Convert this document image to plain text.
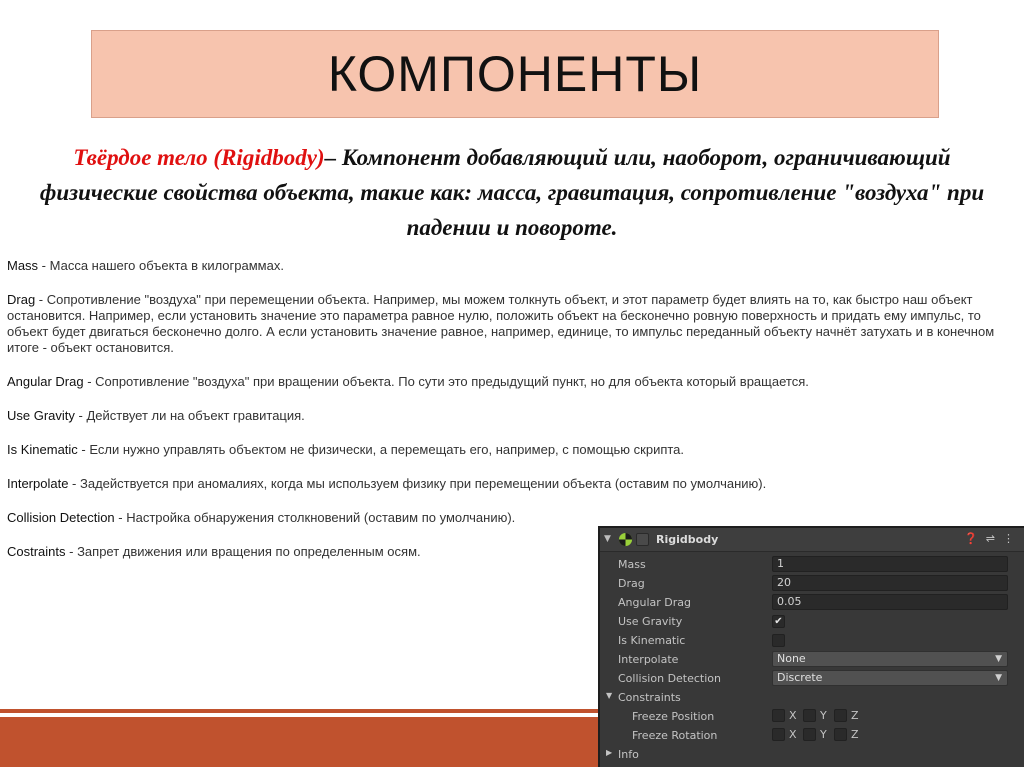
КОМПОНЕНТЫ
Твёрдое тело (Rigidbody)– Компонент добавляющий или, наоборот, ограничивающий физические свойства объекта, такие как: масса, гравитация, сопротивление "воздуха" при падении и повороте.
Mass - Масса нашего объекта в килограммах.
Drag - Сопротивление "воздуха" при перемещении объекта. Например, мы можем толкнуть объект, и этот параметр будет влиять на то, как быстро наш объект остановится. Например, если установить значение это параметра равное нулю, положить объект на бесконечно ровную поверхность и придать ему импульс, то объект будет двигаться бесконечно долго. А если установить значение равное, например, единице, то импульс переданный объекту начнёт затухать и в конечном итоге - объект остановится.
Angular Drag - Сопротивление "воздуха" при вращении объекта. По сути это предыдущий пункт, но для объекта который вращается.
Use Gravity - Действует ли на объект гравитация.
Is Kinematic - Если нужно управлять объектом не физически, а перемещать его, например, с помощью скрипта.
Interpolate - Задействуется при аномалиях, когда мы используем физику при перемещении объекта (оставим по умолчанию).
Collision Detection - Настройка обнаружения столкновений (оставим по умолчанию).
Costraints - Запрет движения или вращения по определенным осям.
▼	Rigidbody	❓ ⇌ ⋮
Mass	1
Drag	20
Angular Drag	0.05
Use Gravity	✔
Is Kinematic
Interpolate	None	▼
Collision Detection	Discrete	▼
▼ Constraints
Freeze Position	X	Y	Z
Freeze Rotation	X	Y	Z
▶ Info
